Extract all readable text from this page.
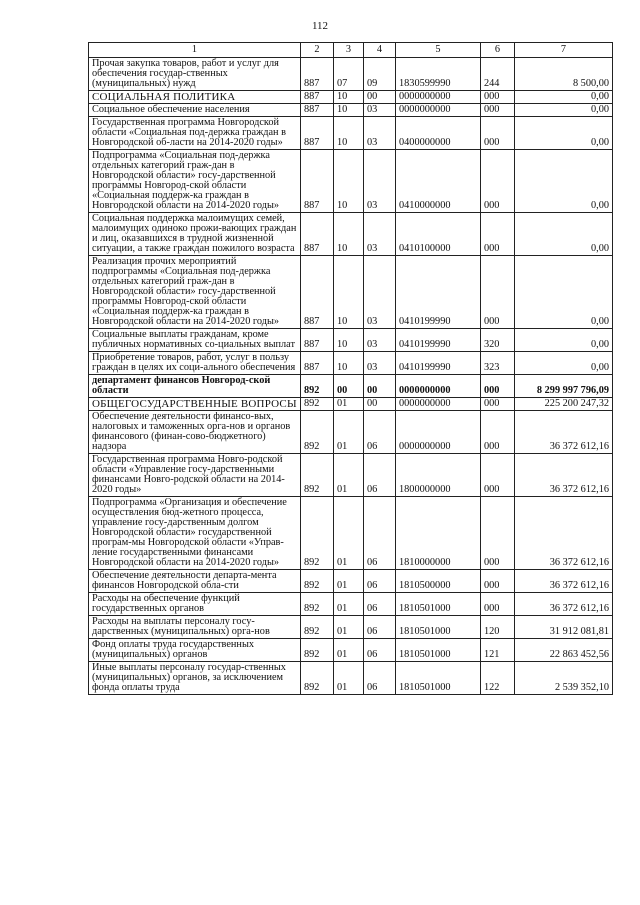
112
1	2	3	4	5	6	7
Прочая закупка товаров, работ и услуг для обеспечения государ-ственных (муниципальных) нужд	887	07	09	1830599990	244	8 500,00
СОЦИАЛЬНАЯ ПОЛИТИКА	887	10	00	0000000000	000	0,00
Социальное обеспечение населения	887	10	03	0000000000	000	0,00
Государственная программа Новгородской области «Социальная под-держка граждан в Новгородской об-ласти на 2014-2020 годы»	887	10	03	0400000000	000	0,00
Подпрограмма «Социальная под-держка отдельных категорий граж-дан в Новгородской области» госу-дарственной программы Новгород-ской области «Социальная поддерж-ка граждан в Новгородской области на 2014-2020 годы»	887	10	03	0410000000	000	0,00
Социальная поддержка малоимущих семей, малоимущих одиноко прожи-вающих граждан и лиц, оказавшихся в трудной жизненной ситуации, а также граждан пожилого возраста	887	10	03	0410100000	000	0,00
Реализация прочих мероприятий подпрограммы «Социальная под-держка отдельных категорий граж-дан в Новгородской области» госу-дарственной программы Новгород-ской области «Социальная поддерж-ка граждан в Новгородской области на 2014-2020 годы»	887	10	03	0410199990	000	0,00
Социальные выплаты гражданам, кроме публичных нормативных со-циальных выплат	887	10	03	0410199990	320	0,00
Приобретение товаров, работ, услуг в пользу граждан в целях их соци-ального обеспечения	887	10	03	0410199990	323	0,00
департамент финансов Новгород-ской области	892	00	00	0000000000	000	8 299 997 796,09
ОБЩЕГОСУДАРСТВЕННЫЕ ВОПРОСЫ	892	01	00	0000000000	000	225 200 247,32
Обеспечение деятельности финансо-вых, налоговых и таможенных орга-нов и органов финансового (финан-сово-бюджетного) надзора	892	01	06	0000000000	000	36 372 612,16
Государственная программа Новго-родской области «Управление госу-дарственными финансами Новго-родской области на 2014-2020 годы»	892	01	06	1800000000	000	36 372 612,16
Подпрограмма «Организация и обеспечение осуществления бюд-жетного процесса, управление госу-дарственным долгом Новгородской области» государственной програм-мы Новгородской области «Управ-ление государственными финансами Новгородской области на 2014-2020 годы»	892	01	06	1810000000	000	36 372 612,16
Обеспечение деятельности департа-мента финансов Новгородской обла-сти	892	01	06	1810500000	000	36 372 612,16
Расходы на обеспечение функций государственных органов	892	01	06	1810501000	000	36 372 612,16
Расходы на выплаты персоналу госу-дарственных (муниципальных) орга-нов	892	01	06	1810501000	120	31 912 081,81
Фонд оплаты труда государственных (муниципальных) органов	892	01	06	1810501000	121	22 863 452,56
Иные выплаты персоналу государ-ственных (муниципальных) органов, за исключением фонда оплаты труда	892	01	06	1810501000	122	2 539 352,10
